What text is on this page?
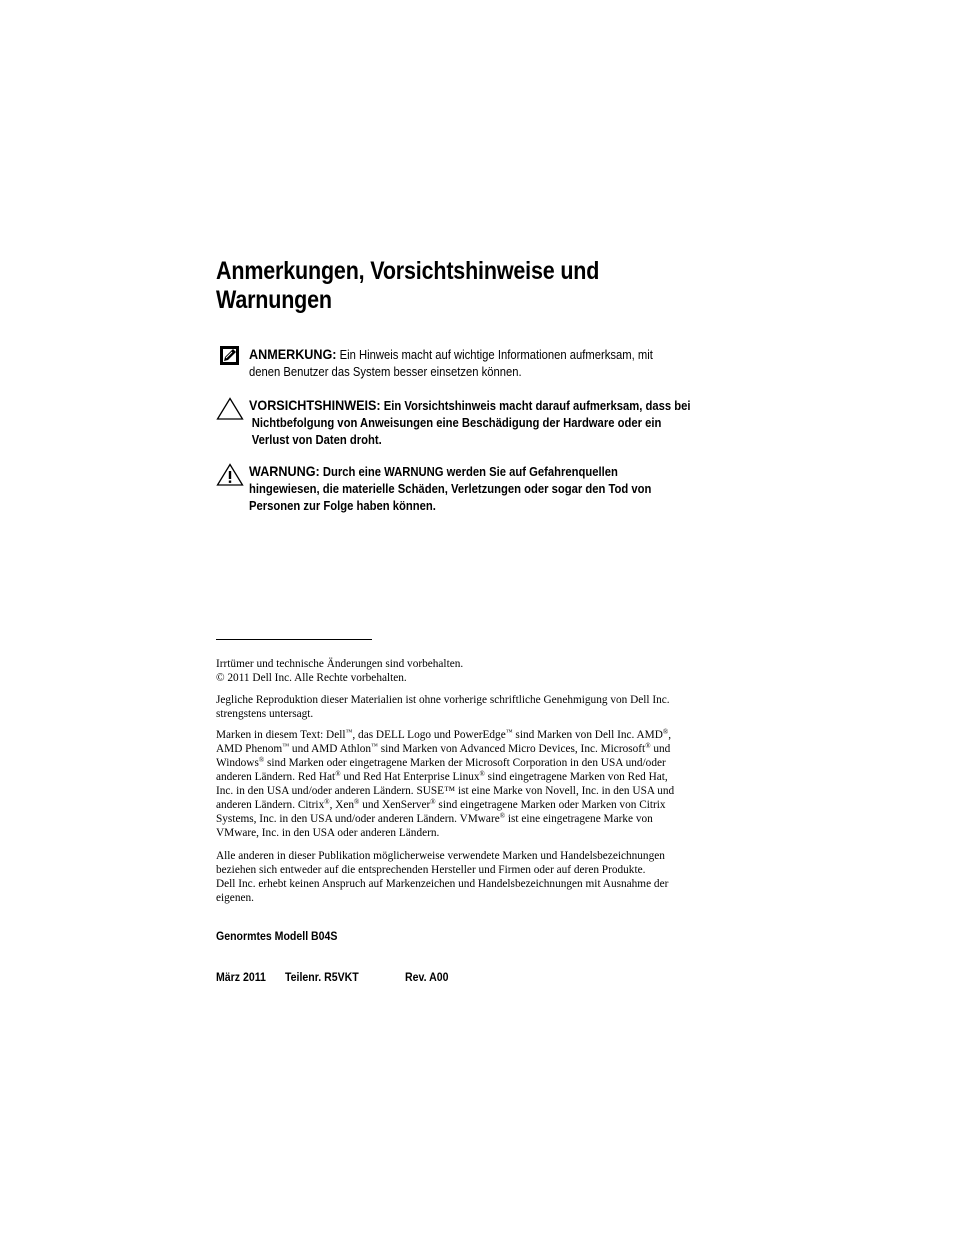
Anmerkungen, Vorsichtshinweise und
Warnungen
ANMERKUNG: Ein Hinweis macht auf wichtige Informationen aufmerksam, mit
denen Benutzer das System besser einsetzen können.
VORSICHTSHINWEIS: Ein Vorsichtshinweis macht darauf aufmerksam, dass bei
Nichtbefolgung von Anweisungen eine Beschädigung der Hardware oder ein
Verlust von Daten droht.
WARNUNG: Durch eine WARNUNG werden Sie auf Gefahrenquellen
hingewiesen, die materielle Schäden, Verletzungen oder sogar den Tod von
Personen zur Folge haben können.

Irrtümer und technische Änderungen sind vorbehalten.
© 2011 Dell Inc. Alle Rechte vorbehalten.

Jegliche Reproduktion dieser Materialien ist ohne vorherige schriftliche Genehmigung von Dell Inc.
strengstens untersagt.

Marken in diesem Text: Dell™, das DELL Logo und PowerEdge™ sind Marken von Dell Inc. AMD®,
AMD Phenom™ und AMD Athlon™ sind Marken von Advanced Micro Devices, Inc. Microsoft® und
Windows® sind Marken oder eingetragene Marken der Microsoft Corporation in den USA und/oder
anderen Ländern. Red Hat® und Red Hat Enterprise Linux® sind eingetragene Marken von Red Hat,
Inc. in den USA und/oder anderen Ländern. SUSE™ ist eine Marke von Novell, Inc. in den USA und
anderen Ländern. Citrix®, Xen® und XenServer® sind eingetragene Marken oder Marken von Citrix
Systems, Inc. in den USA und/oder anderen Ländern. VMware® ist eine eingetragene Marke von
VMware, Inc. in den USA oder anderen Ländern.

Alle anderen in dieser Publikation möglicherweise verwendete Marken und Handelsbezeichnungen
beziehen sich entweder auf die entsprechenden Hersteller und Firmen oder auf deren Produkte.
Dell Inc. erhebt keinen Anspruch auf Markenzeichen und Handelsbezeichnungen mit Ausnahme der
eigenen.

Genormtes Modell B04S
März 2011 Teilenr. R5VKT	Rev. A00
